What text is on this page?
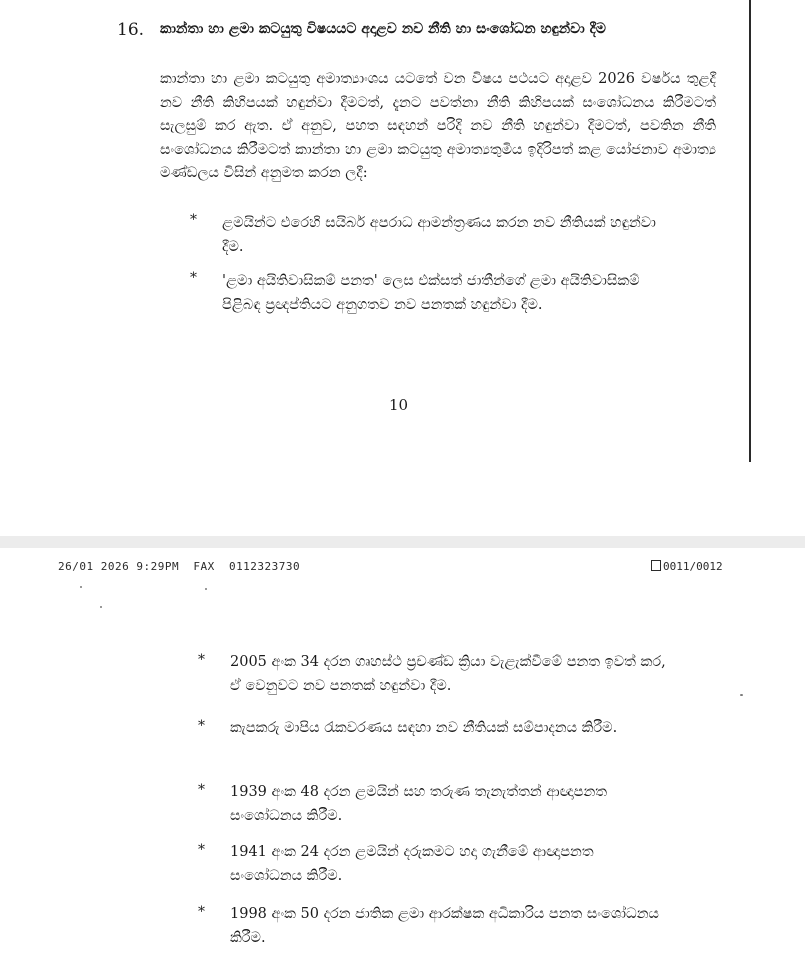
16. කාන්තා හා ළමා කටයුතු විෂයයට අදාළව නව නීති හා සංශෝධන හඳුන්වා දීම
කාන්තා හා ළමා කටයුතු අමාත්‍යාංශය යටතේ වන විෂය පථයට අදාළව 2026 වර්ෂය තුළදී නව නීති කිහිපයක් හඳුන්වා දීමටත්, දැනට පවත්නා නීති කිහිපයක් සංශෝධනය කිරීමටත් සැලසුම් කර ඇත. ඒ අනුව, පහත සඳහන් පරිදි නව නීති හඳුන්වා දීමටත්, පවතින නීති සංශෝධනය කිරීමටත් කාන්තා හා ළමා කටයුතු අමාත්‍යතුමිය ඉදිරිපත් කළ යෝජනාව අමාත්‍ය මණ්ඩලය විසින් අනුමත කරන ලදී:
* ළමයින්ට එරෙහි සයිබර් අපරාධ ආමන්ත්‍රණය කරන නව නීතියක් හඳුන්වා දීම.
* 'ළමා අයිතිවාසිකම් පනත' ලෙස එක්සත් ජාතීන්ගේ ළමා අයිතිවාසිකම් පිළිබඳ ප්‍රඥප්තියට අනුගතව නව පනතක් හඳුන්වා දීම.
10
26/01 2026 9:29PM  FAX  0112323730	0011/0012
* 2005 අංක 34 දරන ගෘහස්ථ ප්‍රචණ්ඩ ක්‍රියා වැළැක්වීමේ පනත ඉවත් කර, ඒ වෙනුවට නව පනතක් හඳුන්වා දීම.
* කැපකරු මාපිය රැකවරණය සඳහා නව නීතියක් සම්පාදනය කිරීම.
* 1939 අංක 48 දරන ළමයින් සහ තරුණ තැනැත්තන් ආඥාපනත සංශෝධනය කිරීම.
* 1941 අංක 24 දරන ළමයින් දරුකමට හදා ගැනීමේ ආඥාපනත සංශෝධනය කිරීම.
* 1998 අංක 50 දරන ජාතික ළමා ආරක්ෂක අධිකාරිය පනත සංශෝධනය කිරීම.
